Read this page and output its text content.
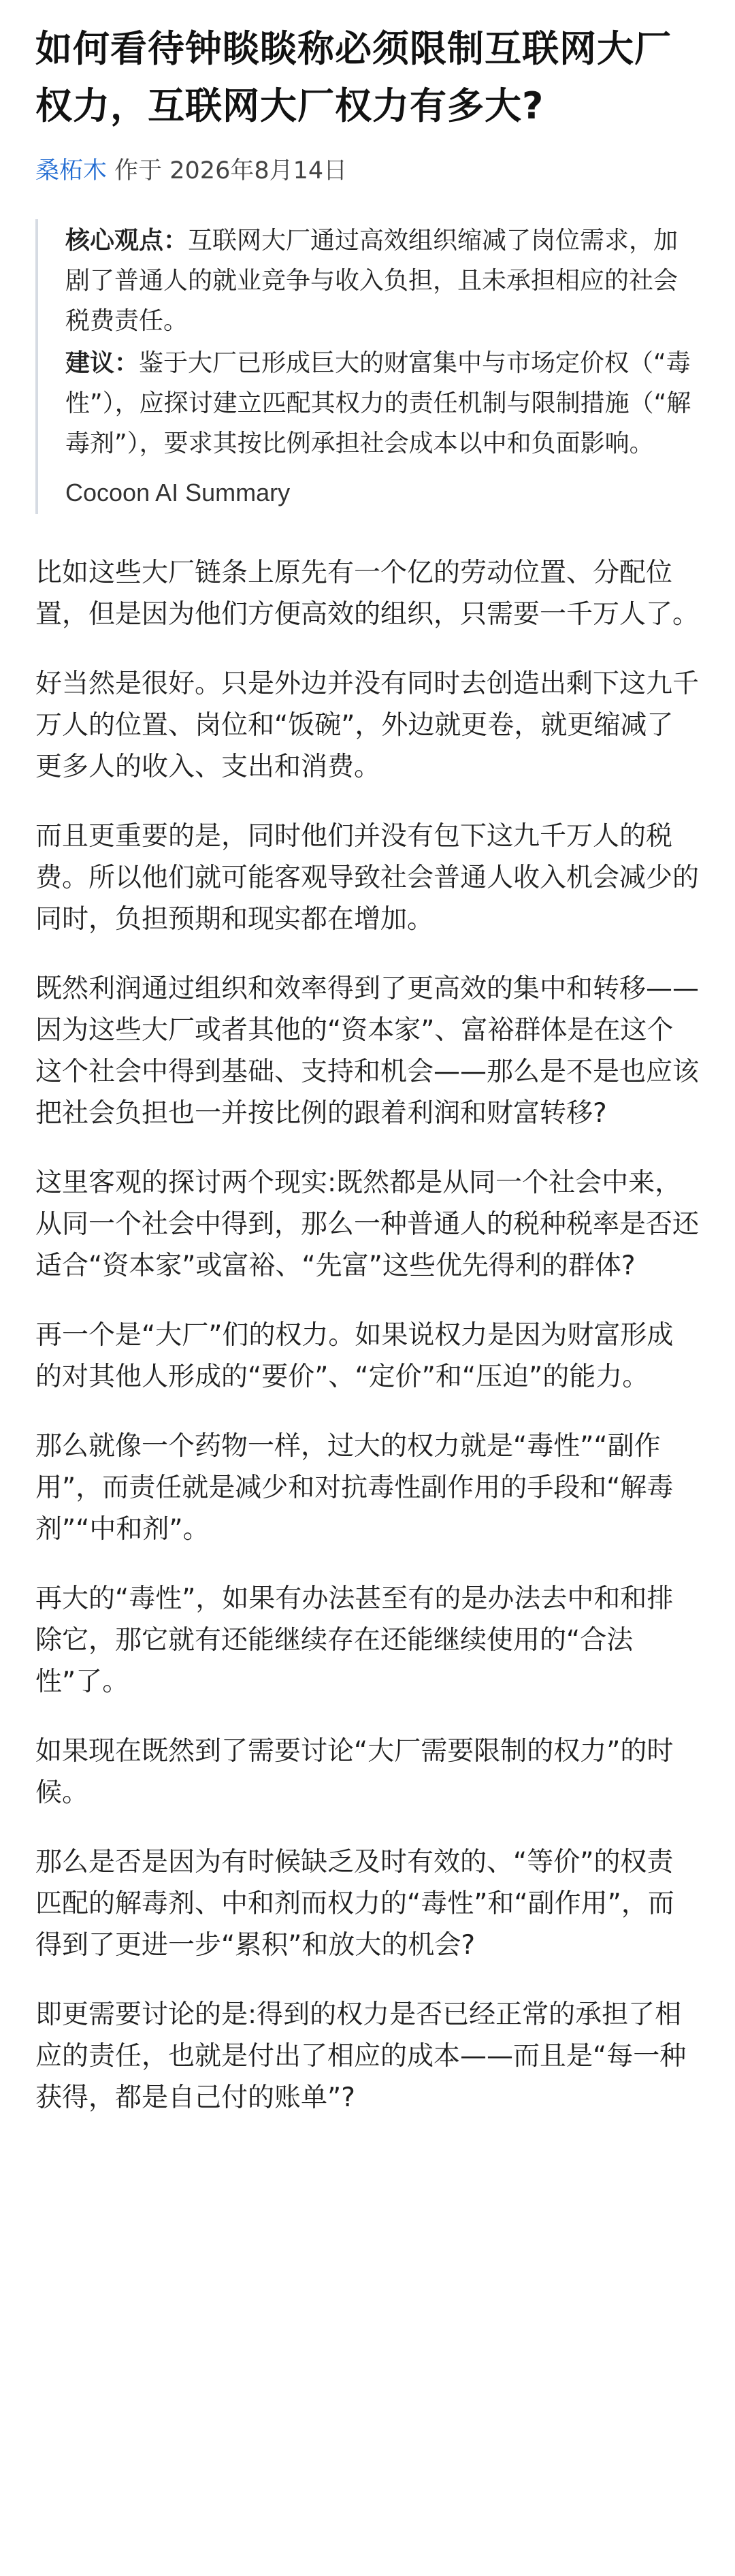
如何看待钟睒睒称必须限制互联网大厂权力，互联网大厂权力有多大?
桑柘木 作于 2026年8月14日

核心观点：互联网大厂通过高效组织缩减了岗位需求，加剧了普通人的就业竞争与收入负担，且未承担相应的社会税费责任。

建议：鉴于大厂已形成巨大的财富集中与市场定价权（“毒性”），应探讨建立匹配其权力的责任机制与限制措施（“解毒剂”），要求其按比例承担社会成本以中和负面影响。

Cocoon AI Summary

比如这些大厂链条上原先有一个亿的劳动位置、分配位置，但是因为他们方便高效的组织，只需要一千万人了。

好当然是很好。只是外边并没有同时去创造出剩下这九千万人的位置、岗位和“饭碗”，外边就更卷，就更缩减了更多人的收入、支出和消费。

而且更重要的是，同时他们并没有包下这九千万人的税费。所以他们就可能客观导致社会普通人收入机会减少的同时，负担预期和现实都在增加。

既然利润通过组织和效率得到了更高效的集中和转移——因为这些大厂或者其他的“资本家”、富裕群体是在这个这个社会中得到基础、支持和机会——那么是不是也应该把社会负担也一并按比例的跟着利润和财富转移?

这里客观的探讨两个现实:既然都是从同一个社会中来，从同一个社会中得到，那么一种普通人的税种税率是否还适合“资本家”或富裕、“先富”这些优先得利的群体?

再一个是“大厂”们的权力。如果说权力是因为财富形成的对其他人形成的“要价”、“定价”和“压迫”的能力。

那么就像一个药物一样，过大的权力就是“毒性”“副作用”，而责任就是减少和对抗毒性副作用的手段和“解毒剂”“中和剂”。

再大的“毒性”，如果有办法甚至有的是办法去中和和排除它，那它就有还能继续存在还能继续使用的“合法性”了。

如果现在既然到了需要讨论“大厂需要限制的权力”的时候。

那么是否是因为有时候缺乏及时有效的、“等价”的权责匹配的解毒剂、中和剂而权力的“毒性”和“副作用”，而得到了更进一步“累积”和放大的机会?

即更需要讨论的是:得到的权力是否已经正常的承担了相应的责任，也就是付出了相应的成本——而且是“每一种获得，都是自己付的账单”?
